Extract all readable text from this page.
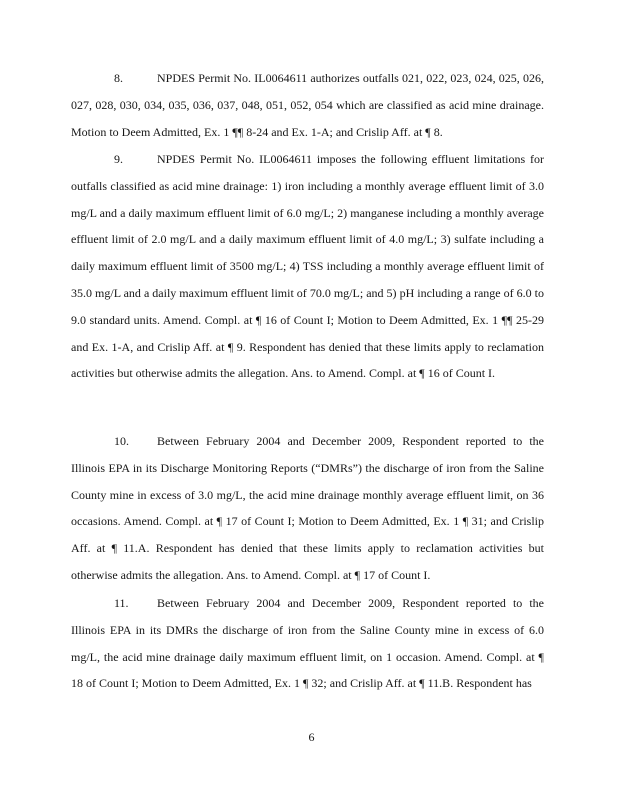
8.	NPDES Permit No. IL0064611 authorizes outfalls 021, 022, 023, 024, 025, 026, 027, 028, 030, 034, 035, 036, 037, 048, 051, 052, 054 which are classified as acid mine drainage. Motion to Deem Admitted, Ex. 1 ¶¶ 8-24 and Ex. 1-A; and Crislip Aff. at ¶ 8.

9.	NPDES Permit No. IL0064611 imposes the following effluent limitations for outfalls classified as acid mine drainage: 1) iron including a monthly average effluent limit of 3.0 mg/L and a daily maximum effluent limit of 6.0 mg/L; 2) manganese including a monthly average effluent limit of 2.0 mg/L and a daily maximum effluent limit of 4.0 mg/L; 3) sulfate including a daily maximum effluent limit of 3500 mg/L; 4) TSS including a monthly average effluent limit of 35.0 mg/L and a daily maximum effluent limit of 70.0 mg/L; and 5) pH including a range of 6.0 to 9.0 standard units. Amend. Compl. at ¶ 16 of Count I; Motion to Deem Admitted, Ex. 1 ¶¶ 25-29 and Ex. 1-A, and Crislip Aff. at ¶ 9. Respondent has denied that these limits apply to reclamation activities but otherwise admits the allegation. Ans. to Amend. Compl. at ¶ 16 of Count I.

10. Between February 2004 and December 2009, Respondent reported to the Illinois EPA in its Discharge Monitoring Reports (“DMRs”) the discharge of iron from the Saline County mine in excess of 3.0 mg/L, the acid mine drainage monthly average effluent limit, on 36 occasions. Amend. Compl. at ¶ 17 of Count I; Motion to Deem Admitted, Ex. 1 ¶ 31; and Crislip Aff. at ¶ 11.A. Respondent has denied that these limits apply to reclamation activities but otherwise admits the allegation. Ans. to Amend. Compl. at ¶ 17 of Count I.

11. Between February 2004 and December 2009, Respondent reported to the Illinois EPA in its DMRs the discharge of iron from the Saline County mine in excess of 6.0 mg/L, the acid mine drainage daily maximum effluent limit, on 1 occasion. Amend. Compl. at ¶ 18 of Count I; Motion to Deem Admitted, Ex. 1 ¶ 32; and Crislip Aff. at ¶ 11.B. Respondent has

6
